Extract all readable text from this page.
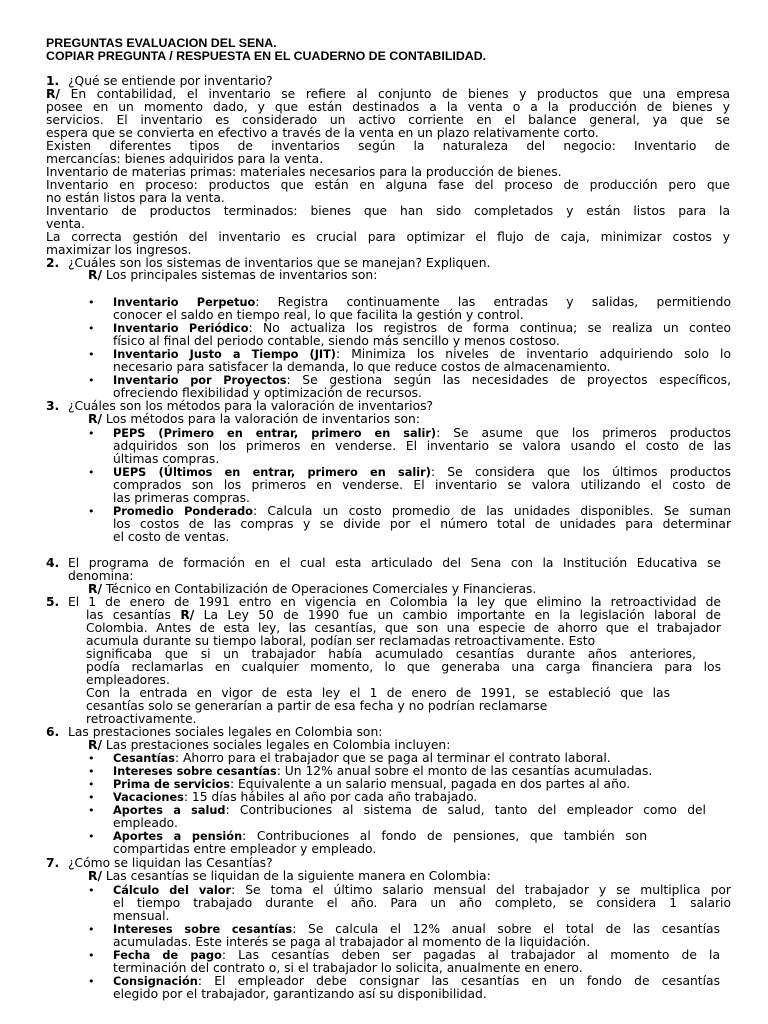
PREGUNTAS EVALUACION DEL SENA.
COPIAR PREGUNTA / RESPUESTA EN EL CUADERNO DE CONTABILIDAD.
1. ¿Qué se entiende por inventario?
R/ En contabilidad, el inventario se refiere al conjunto de bienes y productos que una empresa
posee en un momento dado, y que están destinados a la venta o a la producción de bienes y
servicios. El inventario es considerado un activo corriente en el balance general, ya que se
espera que se convierta en efectivo a través de la venta en un plazo relativamente corto.
Existen diferentes tipos de inventarios según la naturaleza del negocio: Inventario de
mercancías: bienes adquiridos para la venta.
Inventario de materias primas: materiales necesarios para la producción de bienes.
Inventario en proceso: productos que están en alguna fase del proceso de producción pero que
no están listos para la venta.
Inventario de productos terminados: bienes que han sido completados y están listos para la
venta.
La correcta gestión del inventario es crucial para optimizar el flujo de caja, minimizar costos y
maximizar los ingresos.
2. ¿Cuáles son los sistemas de inventarios que se manejan? Expliquen.
R/ Los principales sistemas de inventarios son:
• Inventario Perpetuo: Registra continuamente las entradas y salidas, permitiendo
conocer el saldo en tiempo real, lo que facilita la gestión y control.
• Inventario Periódico: No actualiza los registros de forma continua; se realiza un conteo
físico al final del periodo contable, siendo más sencillo y menos costoso.
• Inventario Justo a Tiempo (JIT): Minimiza los niveles de inventario adquiriendo solo lo
necesario para satisfacer la demanda, lo que reduce costos de almacenamiento.
• Inventario por Proyectos: Se gestiona según las necesidades de proyectos específicos,
ofreciendo flexibilidad y optimización de recursos.
3. ¿Cuáles son los métodos para la valoración de inventarios?
R/ Los métodos para la valoración de inventarios son:
• PEPS (Primero en entrar, primero en salir): Se asume que los primeros productos
adquiridos son los primeros en venderse. El inventario se valora usando el costo de las
últimas compras.
• UEPS (Últimos en entrar, primero en salir): Se considera que los últimos productos
comprados son los primeros en venderse. El inventario se valora utilizando el costo de
las primeras compras.
• Promedio Ponderado: Calcula un costo promedio de las unidades disponibles. Se suman
los costos de las compras y se divide por el número total de unidades para determinar
el costo de ventas.
4. El programa de formación en el cual esta articulado del Sena con la Institución Educativa se
denomina:
R/ Técnico en Contabilización de Operaciones Comerciales y Financieras.
5. El 1 de enero de 1991 entro en vigencia en Colombia la ley que elimino la retroactividad de
las cesantías R/ La Ley 50 de 1990 fue un cambio importante en la legislación laboral de
Colombia. Antes de esta ley, las cesantías, que son una especie de ahorro que el trabajador
acumula durante su tiempo laboral, podían ser reclamadas retroactivamente. Esto
significaba que si un trabajador había acumulado cesantías durante años anteriores,
podía reclamarlas en cualquier momento, lo que generaba una carga financiera para los
empleadores.
Con la entrada en vigor de esta ley el 1 de enero de 1991, se estableció que las
cesantías solo se generarían a partir de esa fecha y no podrían reclamarse
retroactivamente.
6. Las prestaciones sociales legales en Colombia son:
R/ Las prestaciones sociales legales en Colombia incluyen:
• Cesantías: Ahorro para el trabajador que se paga al terminar el contrato laboral.
• Intereses sobre cesantías: Un 12% anual sobre el monto de las cesantías acumuladas.
• Prima de servicios: Equivalente a un salario mensual, pagada en dos partes al año.
• Vacaciones: 15 días hábiles al año por cada año trabajado.
• Aportes a salud: Contribuciones al sistema de salud, tanto del empleador como del
empleado.
• Aportes a pensión: Contribuciones al fondo de pensiones, que también son
compartidas entre empleador y empleado.
7. ¿Cómo se liquidan las Cesantías?
R/ Las cesantías se liquidan de la siguiente manera en Colombia:
• Cálculo del valor: Se toma el último salario mensual del trabajador y se multiplica por
el tiempo trabajado durante el año. Para un año completo, se considera 1 salario
mensual.
• Intereses sobre cesantías: Se calcula el 12% anual sobre el total de las cesantías
acumuladas. Este interés se paga al trabajador al momento de la liquidación.
• Fecha de pago: Las cesantías deben ser pagadas al trabajador al momento de la
terminación del contrato o, si el trabajador lo solicita, anualmente en enero.
• Consignación: El empleador debe consignar las cesantías en un fondo de cesantías
elegido por el trabajador, garantizando así su disponibilidad.
